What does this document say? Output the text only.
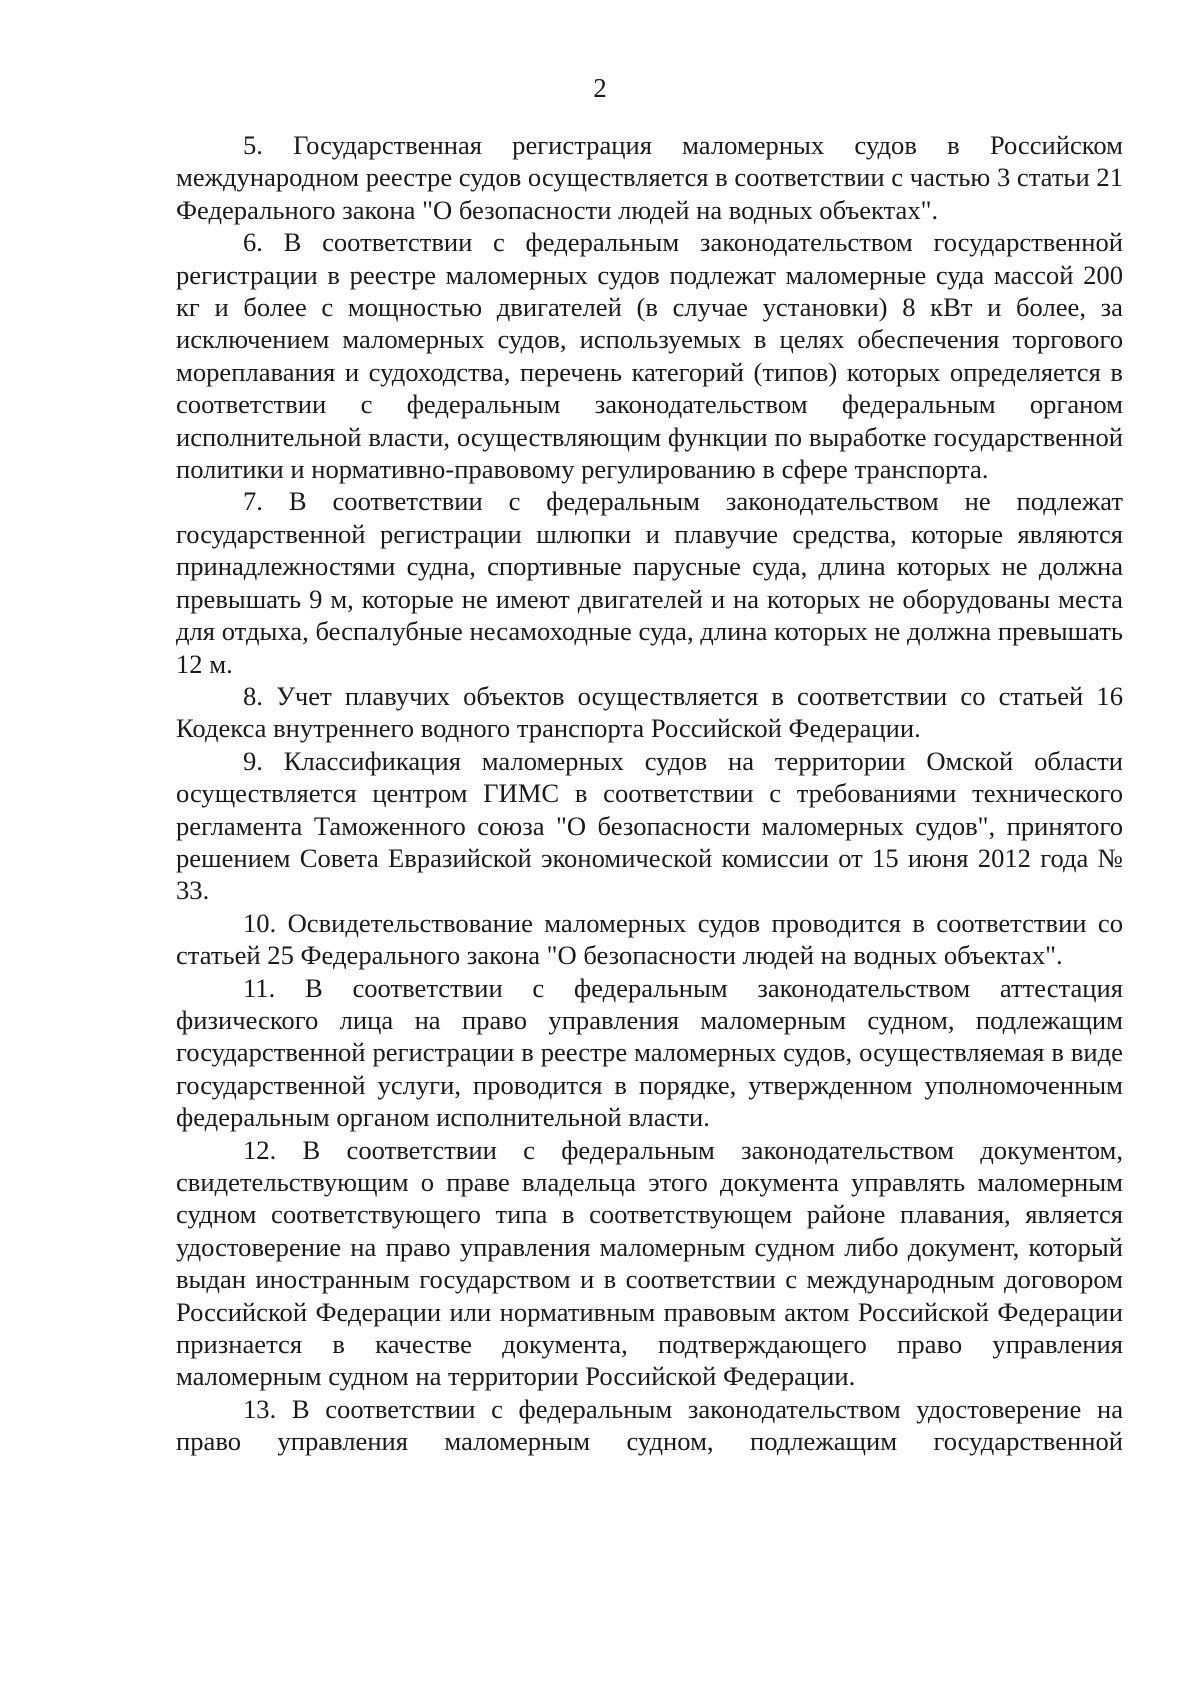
2

5. Государственная регистрация маломерных судов в Российском международном реестре судов осуществляется в соответствии с частью 3 статьи 21 Федерального закона "О безопасности людей на водных объектах".

6. В соответствии с федеральным законодательством государственной регистрации в реестре маломерных судов подлежат маломерные суда массой 200 кг и более с мощностью двигателей (в случае установки) 8 кВт и более, за исключением маломерных судов, используемых в целях обеспечения торгового мореплавания и судоходства, перечень категорий (типов) которых определяется в соответствии с федеральным законодательством федеральным органом исполнительной власти, осуществляющим функции по выработке государственной политики и нормативно-правовому регулированию в сфере транспорта.

7. В соответствии с федеральным законодательством не подлежат государственной регистрации шлюпки и плавучие средства, которые являются принадлежностями судна, спортивные парусные суда, длина которых не должна превышать 9 м, которые не имеют двигателей и на которых не оборудованы места для отдыха, беспалубные несамоходные суда, длина которых не должна превышать 12 м.

8. Учет плавучих объектов осуществляется в соответствии со статьей 16 Кодекса внутреннего водного транспорта Российской Федерации.

9. Классификация маломерных судов на территории Омской области осуществляется центром ГИМС в соответствии с требованиями технического регламента Таможенного союза "О безопасности маломерных судов", принятого решением Совета Евразийской экономической комиссии от 15 июня 2012 года № 33.

10. Освидетельствование маломерных судов проводится в соответствии со статьей 25 Федерального закона "О безопасности людей на водных объектах".

11. В соответствии с федеральным законодательством аттестация физического лица на право управления маломерным судном, подлежащим государственной регистрации в реестре маломерных судов, осуществляемая в виде государственной услуги, проводится в порядке, утвержденном уполномоченным федеральным органом исполнительной власти.

12. В соответствии с федеральным законодательством документом, свидетельствующим о праве владельца этого документа управлять маломерным судном соответствующего типа в соответствующем районе плавания, является удостоверение на право управления маломерным судном либо документ, который выдан иностранным государством и в соответствии с международным договором Российской Федерации или нормативным правовым актом Российской Федерации признается в качестве документа, подтверждающего право управления маломерным судном на территории Российской Федерации.

13. В соответствии с федеральным законодательством удостоверение на право управления маломерным судном, подлежащим государственной
